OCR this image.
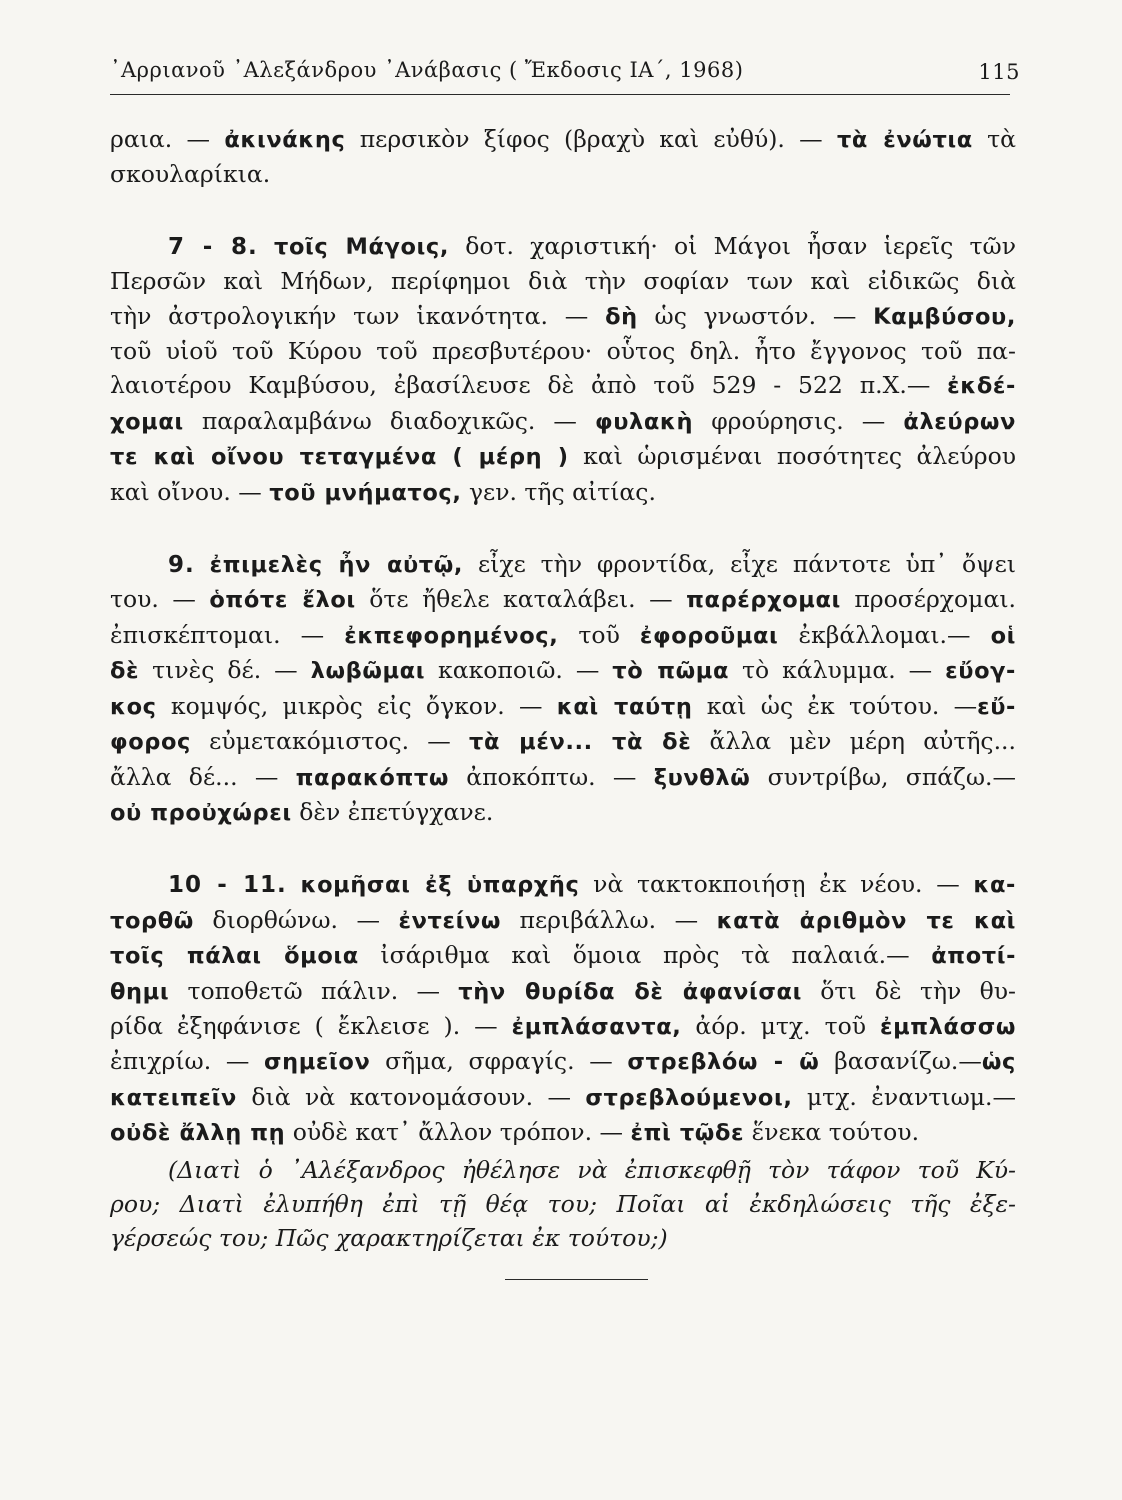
᾿Αρριανοῦ ᾿Αλεξάνδρου ᾿Ανάβασις ( Ἔκδοσις ΙΑ΄, 1968)	115
ραια. — ἀκινάκης περσικὸν ξίφος (βραχὺ καὶ εὐθύ). — τὰ ἐνώτια τὰ
σκουλαρίκια.
7 - 8. τοῖς Μάγοις, δοτ. χαριστική· οἱ Μάγοι ἦσαν ἱερεῖς τῶν
Περσῶν καὶ Μήδων, περίφημοι διὰ τὴν σοφίαν των καὶ εἰδικῶς διὰ
τὴν ἀστρολογικήν των ἱκανότητα. — δὴ ὡς γνωστόν. — Καμβύσου,
τοῦ υἱοῦ τοῦ Κύρου τοῦ πρεσβυτέρου· οὗτος δηλ. ἦτο ἔγγονος τοῦ πα-
λαιοτέρου Καμβύσου, ἐβασίλευσε δὲ ἀπὸ τοῦ 529 - 522 π.Χ.— ἐκδέ-
χομαι παραλαμβάνω διαδοχικῶς. — φυλακὴ φρούρησις. — ἀλεύρων
τε καὶ οἴνου τεταγμένα ( μέρη ) καὶ ὡρισμέναι ποσότητες ἀλεύρου
καὶ οἴνου. — τοῦ μνήματος, γεν. τῆς αἰτίας.
9. ἐπιμελὲς ἦν αὐτῷ, εἶχε τὴν φροντίδα, εἶχε πάντοτε ὑπ᾿ ὄψει
του. — ὁπότε ἔλοι ὅτε ἤθελε καταλάβει. — παρέρχομαι προσέρχομαι.
ἐπισκέπτομαι. — ἐκπεφορημένος, τοῦ ἐφοροῦμαι ἐκβάλλομαι.— οἱ
δὲ τινὲς δέ. — λωβῶμαι κακοποιῶ. — τὸ πῶμα τὸ κάλυμμα. — εὔογ-
κος κομψός, μικρὸς εἰς ὄγκον. — καὶ ταύτῃ καὶ ὡς ἐκ τούτου. —εὔ-
φορος εὐμετακόμιστος. — τὰ μέν... τὰ δὲ ἄλλα μὲν μέρη αὐτῆς...
ἄλλα δέ... — παρακόπτω ἀποκόπτω. — ξυνθλῶ συντρίβω, σπάζω.—
οὐ προὐχώρει δὲν ἐπετύγχανε.
10 - 11. κομῆσαι ἐξ ὑπαρχῆς νὰ τακτοκποιήσῃ ἐκ νέου. — κα-
τορθῶ διορθώνω. — ἐντείνω περιβάλλω. — κατὰ ἀριθμὸν τε καὶ
τοῖς πάλαι ὅμοια ἰσάριθμα καὶ ὅμοια πρὸς τὰ παλαιά.— ἀποτί-
θημι τοποθετῶ πάλιν. — τὴν θυρίδα δὲ ἀφανίσαι ὅτι δὲ τὴν θυ-
ρίδα ἐξηφάνισε ( ἔκλεισε ). — ἐμπλάσαντα, ἀόρ. μτχ. τοῦ ἐμπλάσσω
ἐπιχρίω. — σημεῖον σῆμα, σφραγίς. — στρεβλόω - ῶ βασανίζω.—ὡς
κατειπεῖν διὰ νὰ κατονομάσουν. — στρεβλούμενοι, μτχ. ἐναντιωμ.—
οὐδὲ ἄλλῃ πῃ οὐδὲ κατ᾿ ἄλλον τρόπον. — ἐπὶ τῷδε ἕνεκα τούτου.
(Διατὶ ὁ ᾿Αλέξανδρος ἠθέλησε νὰ ἐπισκεφθῇ τὸν τάφον τοῦ Κύ-
ρου; Διατὶ ἐλυπήθη ἐπὶ τῇ θέᾳ του; Ποῖαι αἱ ἐκδηλώσεις τῆς ἐξε-
γέρσεώς του; Πῶς χαρακτηρίζεται ἐκ τούτου;)
